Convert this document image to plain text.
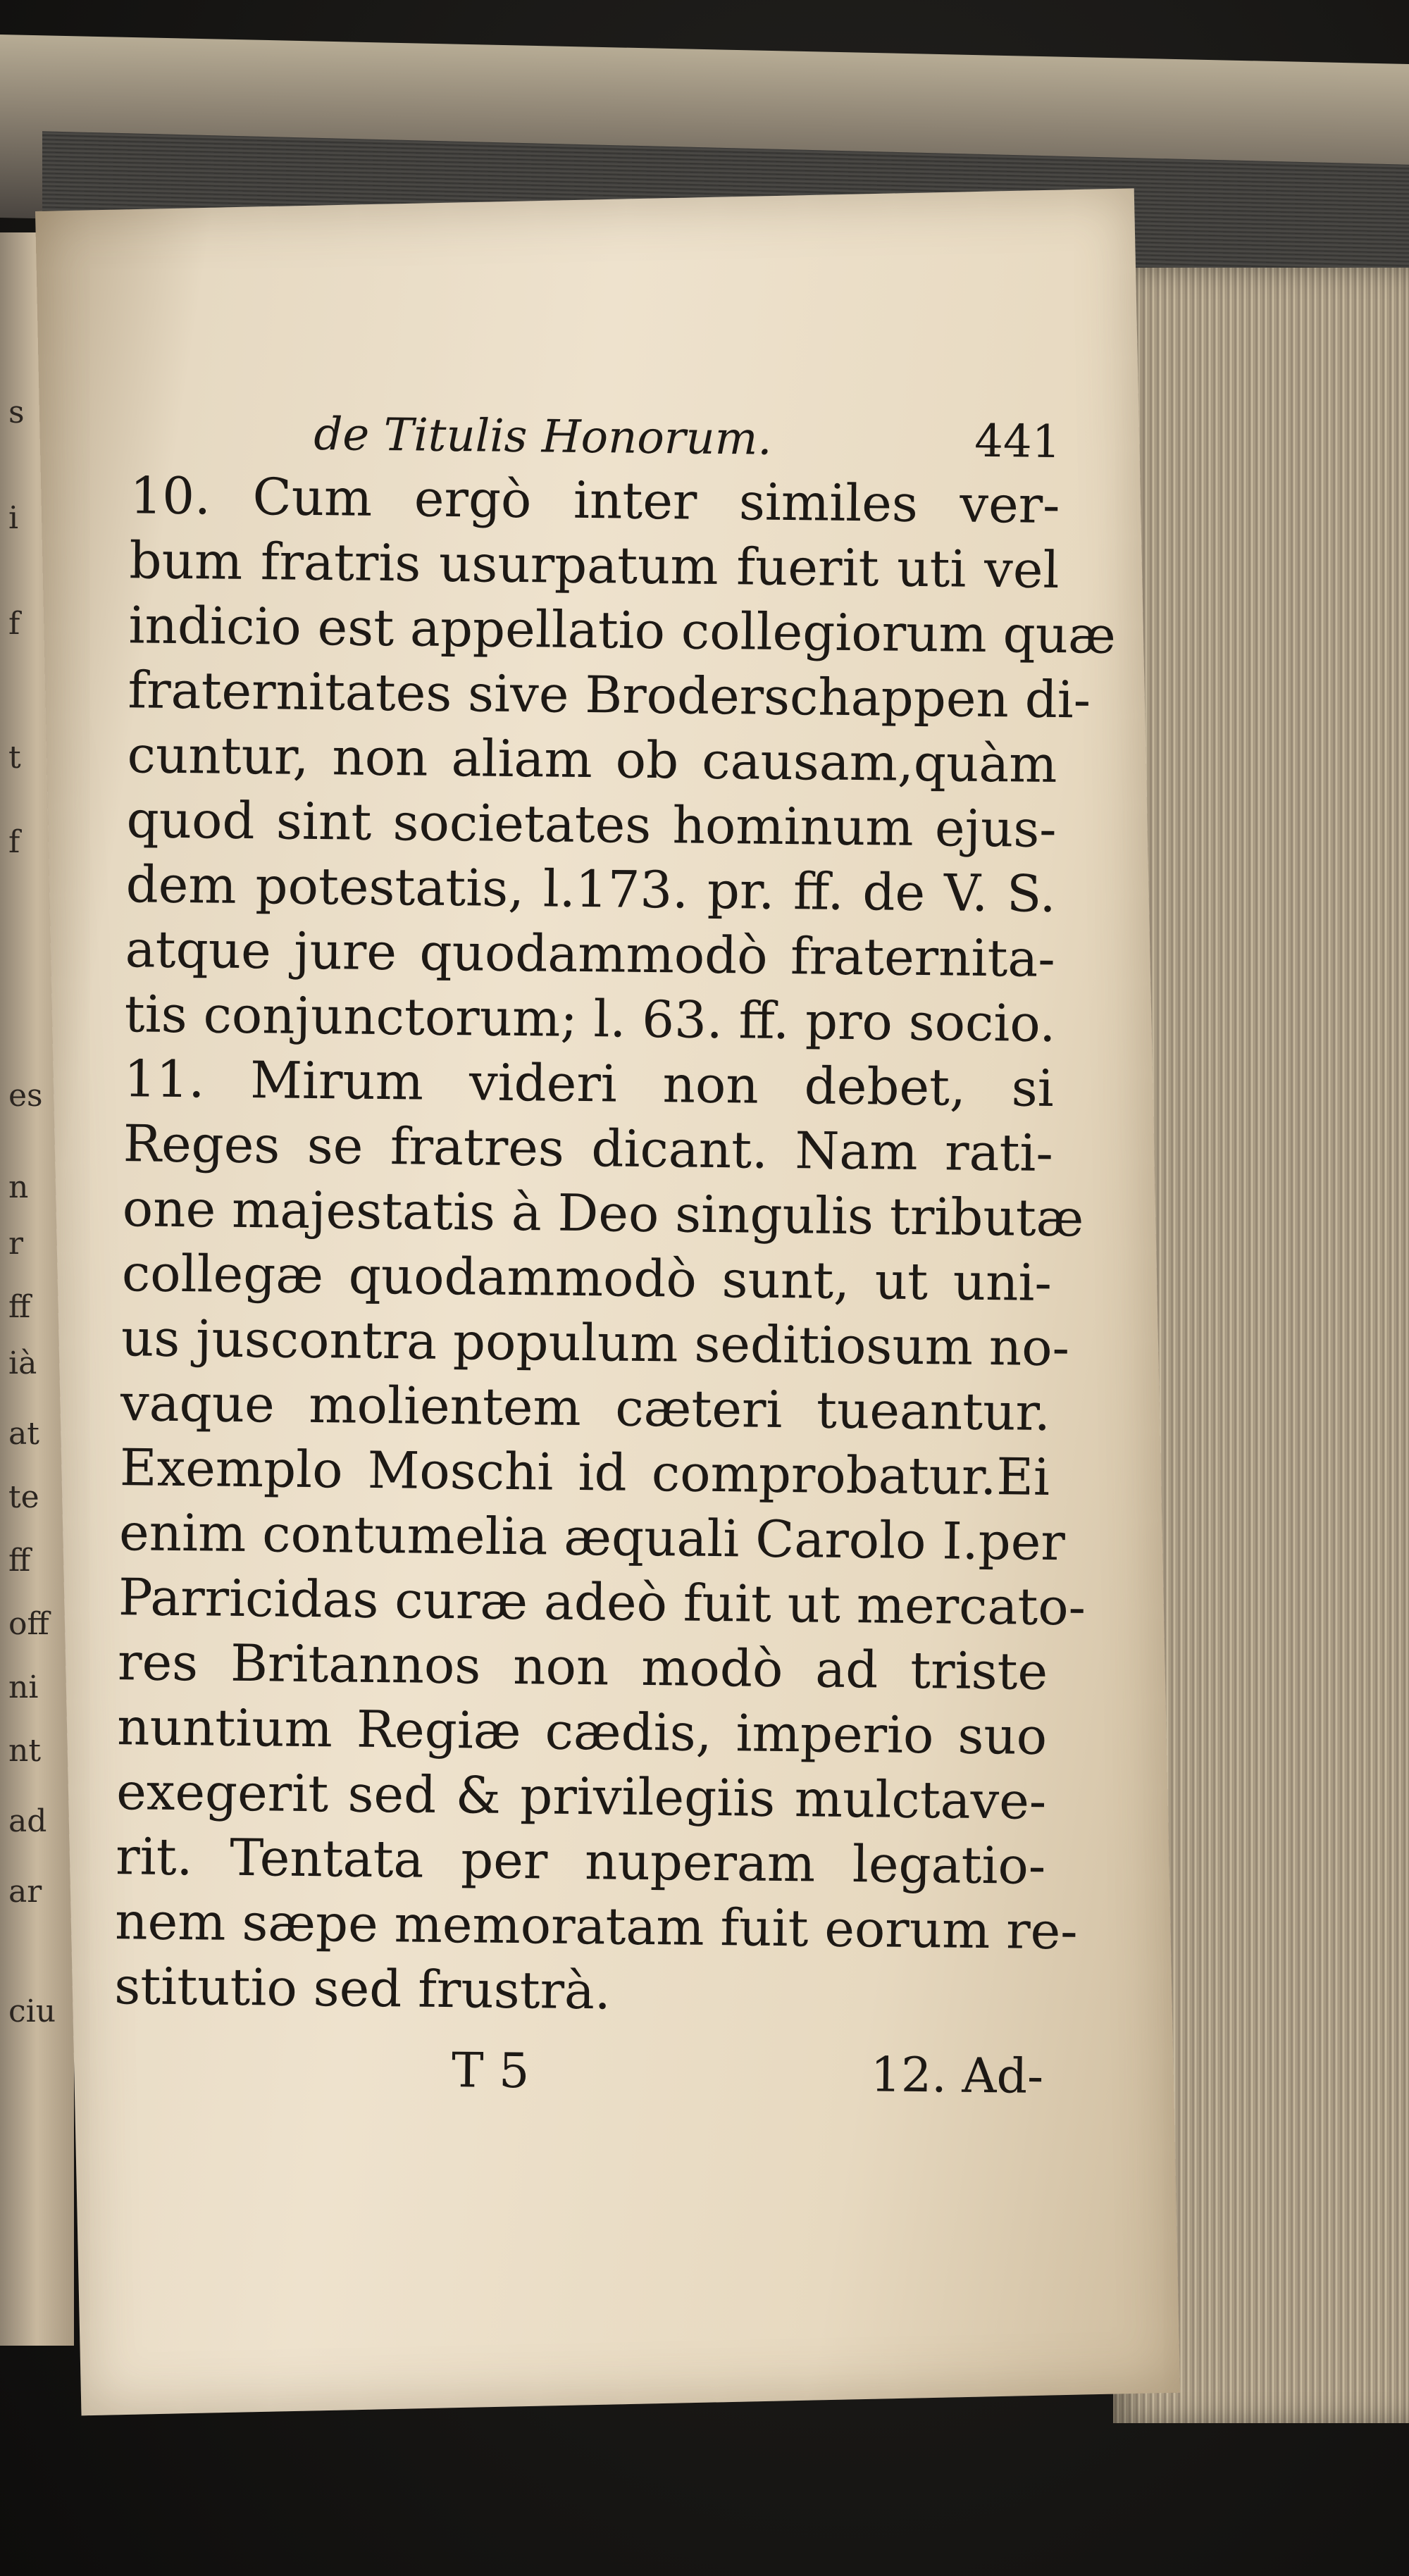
s
i
f
t
f
es
n
r
ff
ià
at
te
ff
off
ni
nt
ad
ar
ciu
de Titulis Honorum.	441
10. Cum ergò inter similes ver-
bum fratris usurpatum fuerit uti vel
indicio est appellatio collegiorum quæ
fraternitates sive Broderschappen di-
cuntur, non aliam ob causam,quàm
quod sint societates hominum ejus-
dem potestatis, l.173. pr. ff. de V. S.
atque jure quodammodò fraternita-
tis conjunctorum; l. 63. ff. pro socio.
11. Mirum videri non debet, si
Reges se fratres dicant. Nam rati-
one majestatis à Deo singulis tributæ
collegæ quodammodò sunt, ut uni-
us juscontra populum seditiosum no-
vaque molientem cæteri tueantur.
Exemplo Moschi id comprobatur.Ei
enim contumelia æquali Carolo I.per
Parricidas curæ adeò fuit ut mercato-
res Britannos non modò ad triste
nuntium Regiæ cædis, imperio suo
exegerit sed & privilegiis mulctave-
rit. Tentata per nuperam legatio-
nem sæpe memoratam fuit eorum re-
stitutio sed frustrà.
T 5	12. Ad-
